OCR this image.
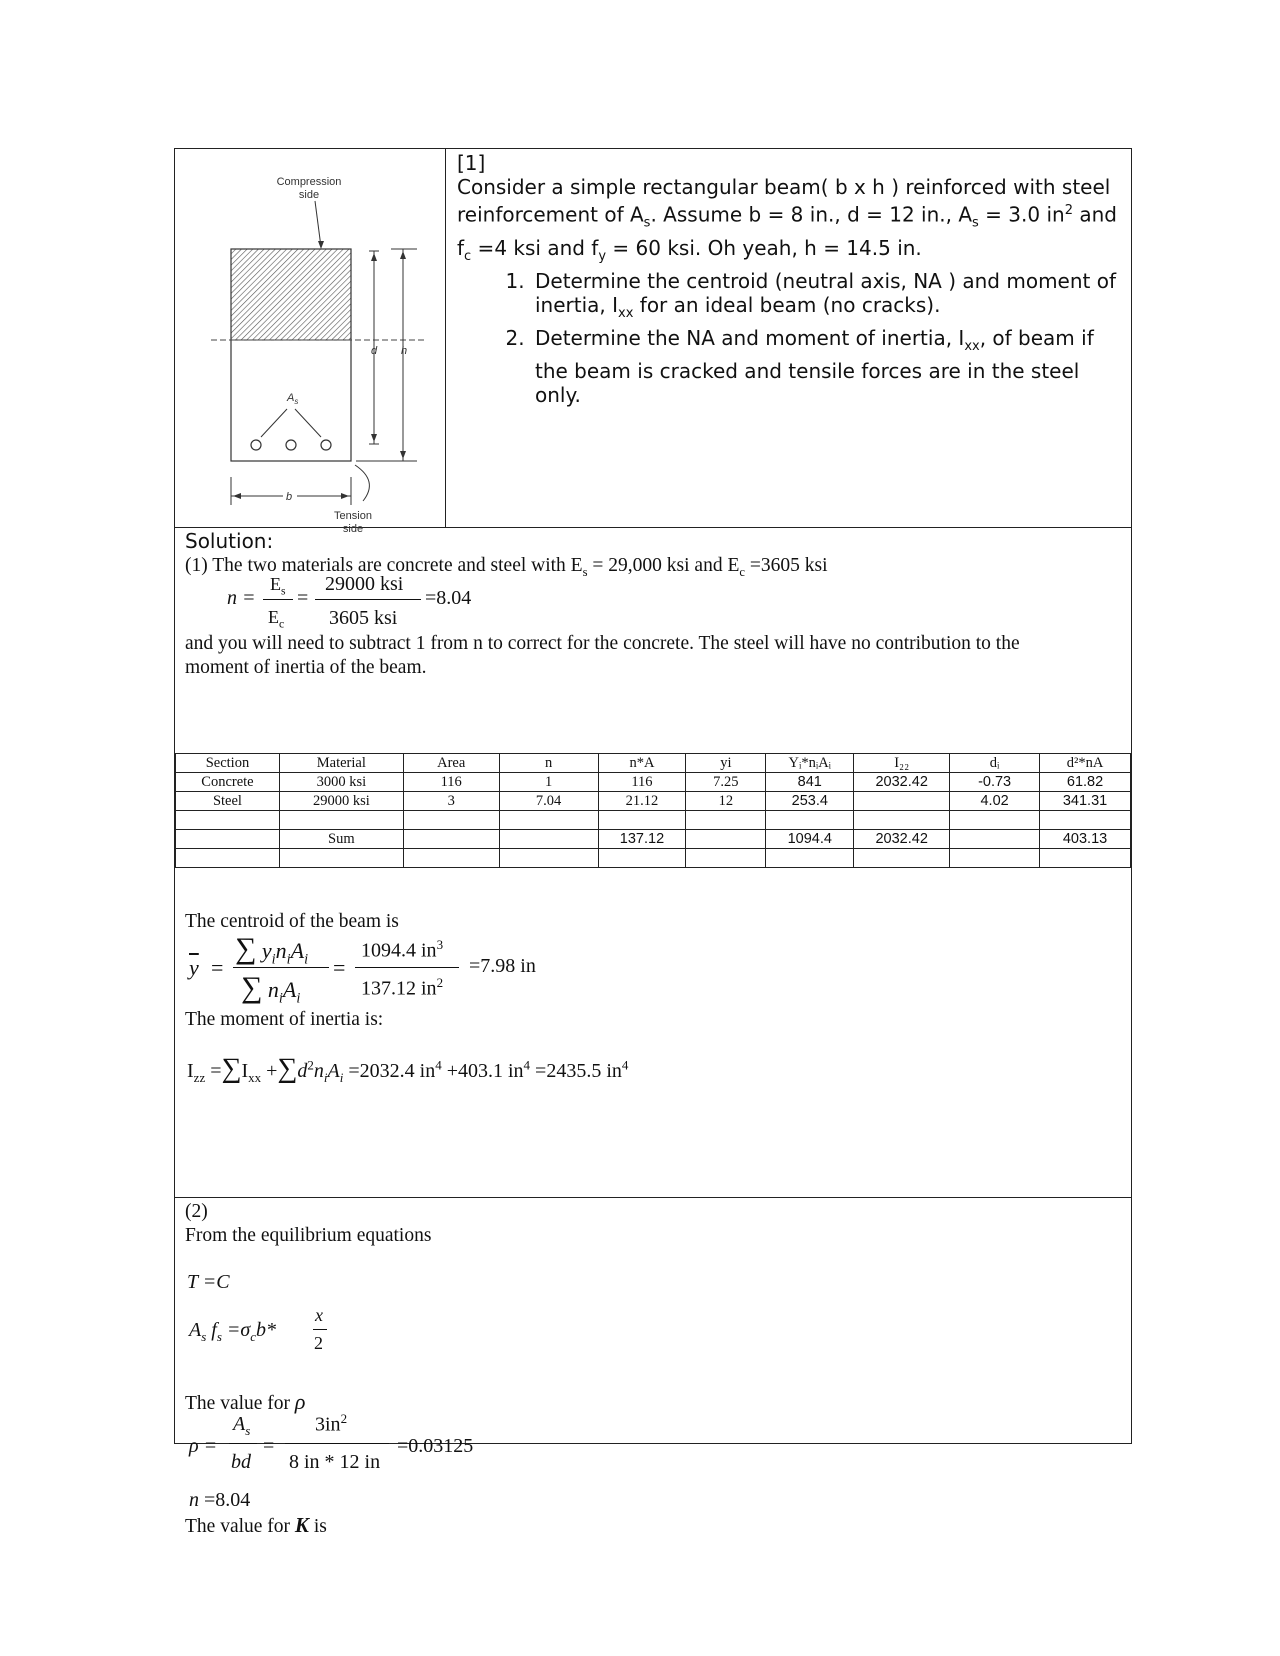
Compression
side
$A_s$
d h
b
Tension
side
[1]
Consider a simple rectangular beam( b x h ) reinforced with steel reinforcement of $A_s$. Assume b = 8 in., d = 12 in., $A_s = 3.0$ $in^2$ and $f_c =4$ ksi and $f_y = 60$ ksi. Oh yeah, h = 14.5 in.
1. Determine the centroid (neutral axis, NA ) and moment of inertia, $I_{xx}$ for an ideal beam (no cracks).
2. Determine the NA and moment of inertia, $I_{xx}$, of beam if the beam is cracked and tensile forces are in the steel only.
Solution:
(1) The two materials are concrete and steel with $E_s = 29,000$ ksi and $E_c =3605$ ksi
n =
$E_s$
$E_c$
=
29000 ksi
3605 ksi
=8.04
and you will need to subtract 1 from n to correct for the concrete. The steel will have no contribution to the
moment of inertia of the beam.
Section	Material	Area	n	n*A	yi	Yᵢ*nᵢAᵢ	I₂₂	dᵢ	d²*nA
Concrete	3000 ksi	116	1	116	7.25	841	2032.42	-0.73	61.82
Steel	29000 ksi	3	7.04	21.12	12	253.4		4.02	341.31

	Sum			137.12		1094.4	2032.42		403.13

The centroid of the beam is
$\overline{y}$ =
∑ $y_in_iA_i$
∑ $n_iA_i$
=
1094.4 $in^3$
137.12 $in^2$
=7.98 in
The moment of inertia is:
$I_{zz} =\sum I_{xx} +\sum d^2n_iA_i =2032.4$ $in^4 +403.1$ $in^4 =2435.5$ $in^4$
(2)
From the equilibrium equations
T =C
$A_s$ $f_s =\sigma_cb*$
x
2
The value for ρ
ρ =
$A_s$
bd
=
$3in^2$
8 in * 12 in
=0.03125
n =8.04
The value for K is
